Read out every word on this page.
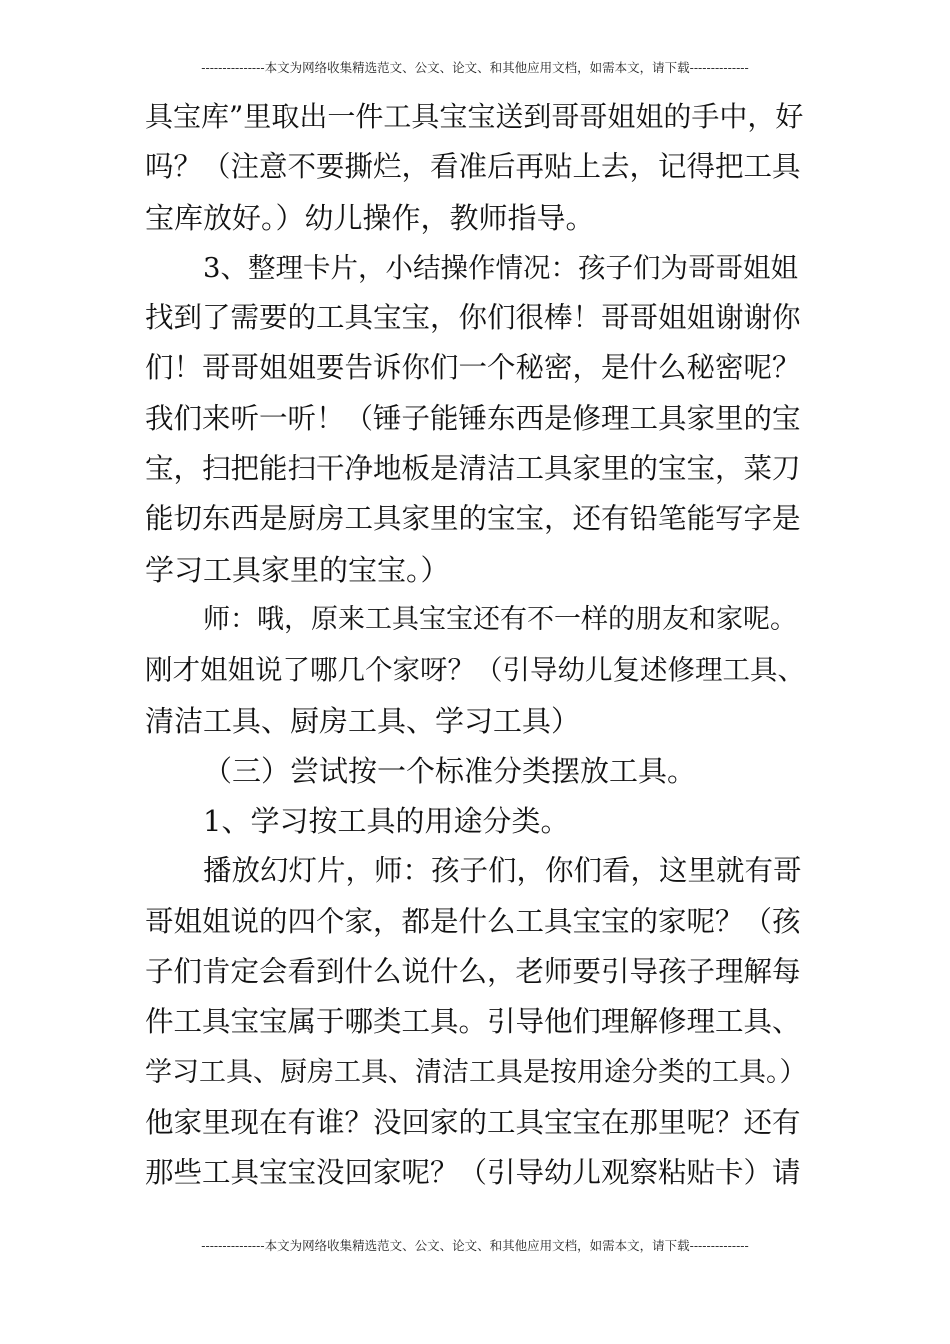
---------------本文为网络收集精选范文、公文、论文、和其他应用文档，如需本文，请下载--------------
具宝库”里取出一件工具宝宝送到哥哥姐姐的手中，好
吗？（注意不要撕烂，看准后再贴上去，记得把工具
宝库放好。）幼儿操作，教师指导。
3、整理卡片，小结操作情况：孩子们为哥哥姐姐
找到了需要的工具宝宝，你们很棒！哥哥姐姐谢谢你
们！哥哥姐姐要告诉你们一个秘密，是什么秘密呢？
我们来听一听！（锤子能锤东西是修理工具家里的宝
宝，扫把能扫干净地板是清洁工具家里的宝宝，菜刀
能切东西是厨房工具家里的宝宝，还有铅笔能写字是
学习工具家里的宝宝。）
师：哦，原来工具宝宝还有不一样的朋友和家呢。
刚才姐姐说了哪几个家呀？（引导幼儿复述修理工具、
清洁工具、厨房工具、学习工具）
（三）尝试按一个标准分类摆放工具。
1、学习按工具的用途分类。
播放幻灯片，师：孩子们，你们看，这里就有哥
哥姐姐说的四个家，都是什么工具宝宝的家呢？（孩
子们肯定会看到什么说什么，老师要引导孩子理解每
件工具宝宝属于哪类工具。引导他们理解修理工具、
学习工具、厨房工具、清洁工具是按用途分类的工具。）
他家里现在有谁？没回家的工具宝宝在那里呢？还有
那些工具宝宝没回家呢？（引导幼儿观察粘贴卡）请
---------------本文为网络收集精选范文、公文、论文、和其他应用文档，如需本文，请下载--------------
